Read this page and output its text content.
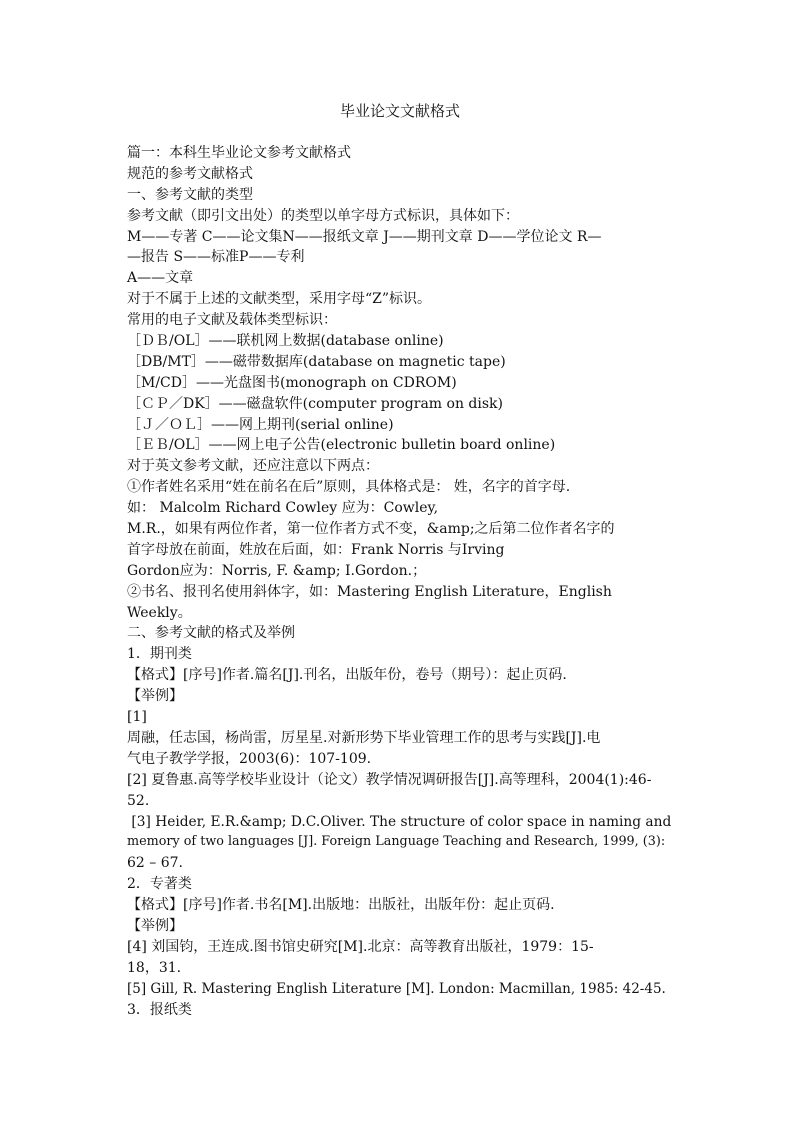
毕业论文文献格式
篇一：本科生毕业论文参考文献格式
规范的参考文献格式
一、参考文献的类型
参考文献（即引文出处）的类型以单字母方式标识，具体如下：
M——专著 C——论文集N——报纸文章 J——期刊文章 D——学位论文 R—
—报告 S——标准P——专利
A——文章
对于不属于上述的文献类型，采用字母“Z”标识。
常用的电子文献及载体类型标识：
［ＤＢ/OL］——联机网上数据(database online)
［DB/MT］——磁带数据库(database on magnetic tape)
［M/CD］——光盘图书(monograph on CDROM)
［ＣＰ／DK］——磁盘软件(computer program on disk)
［Ｊ／ＯＬ］——网上期刊(serial online)
［ＥＢ/OL］——网上电子公告(electronic bulletin board online)
对于英文参考文献，还应注意以下两点：
①作者姓名采用“姓在前名在后”原则，具体格式是： 姓，名字的首字母.
如： Malcolm Richard Cowley 应为：Cowley,
M.R.，如果有两位作者，第一位作者方式不变，&amp;之后第二位作者名字的
首字母放在前面，姓放在后面，如：Frank Norris 与Irving
Gordon应为：Norris, F. &amp; I.Gordon.；
②书名、报刊名使用斜体字，如：Mastering English Literature，English
Weekly。
二、参考文献的格式及举例
1．期刊类
【格式】[序号]作者.篇名[J].刊名，出版年份，卷号（期号）：起止页码.
【举例】
[1]
周融，任志国，杨尚雷，厉星星.对新形势下毕业管理工作的思考与实践[J].电
气电子教学学报，2003(6)：107-109.
[2] 夏鲁惠.高等学校毕业设计（论文）教学情况调研报告[J].高等理科，2004(1):46-
52.
[3] Heider, E.R.&amp; D.C.Oliver. The structure of color space in naming and
memory of two languages [J]. Foreign Language Teaching and Research, 1999, (3):
62 – 67.
2．专著类
【格式】[序号]作者.书名[M].出版地：出版社，出版年份：起止页码.
【举例】
[4] 刘国钧，王连成.图书馆史研究[M].北京：高等教育出版社，1979：15-
18，31.
[5] Gill, R. Mastering English Literature [M]. London: Macmillan, 1985: 42-45.
3．报纸类
